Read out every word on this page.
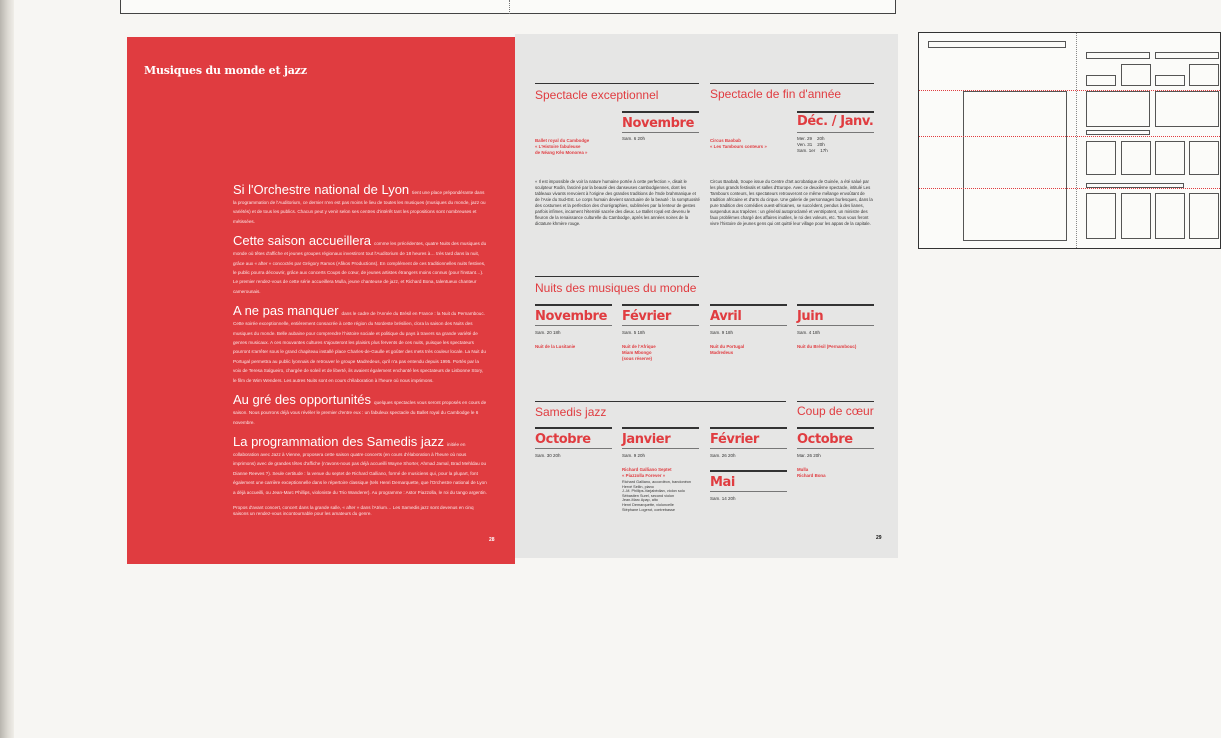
Musiques du monde et jazz
Si l'Orchestre national de Lyon tient une place prépondérante dans la programmation de l'Auditorium, ce dernier n'en est pas moins le lieu de toutes les musiques (musiques du monde, jazz ou variétés) et de tous les publics. Chacun peut y venir selon ses centres d'intérêt tant les propositions sont nombreuses et métissées.
Cette saison accueillera comme les précédentes, quatre Nuits des musiques du monde où têtes d'affiche et jeunes groupes régionaux investiront tout l'Auditorium de 18 heures à… très tard dans la nuit, grâce aux « after » concoctés par Grégory Ramos (Afikos Productions). En complément de ces traditionnelles nuits festives, le public pourra découvrir, grâce aux concerts Coups de cœur, de jeunes artistes étrangers moins connus (pour l'instant…). Le premier rendez-vous de cette série accueillera Mulla, jeune chanteuse de jazz, et Richard Bona, talentueux chanteur camerounais.
A ne pas manquer dans le cadre de l'Année du Brésil en France : la Nuit du Pernambouc. Cette soirée exceptionnelle, entièrement consacrée à cette région du Nordeste brésilien, clora la saison des Nuits des musiques du monde. Belle aubaine pour comprendre l'histoire sociale et politique du pays à travers sa grande variété de genres musicaux. A ces mouvantes cultures s'ajouteront les plaisirs plus fervents de ces nuits, puisque les spectateurs pourront s'arrêter sous le grand chapiteau installé place Charles-de-Gaulle et goûter des mets très couleur locale. La Nuit du Portugal permettra au public lyonnais de retrouver le groupe Madredeus, qu'il n'a pas entendu depuis 1995. Portés par la voix de Teresa Salgueiro, chargée de soleil et de liberté, ils avaient également enchanté les spectateurs de Lisbonne Story, le film de Wim Wenders. Les autres Nuits sont en cours d'élaboration à l'heure où nous imprimons.
Au gré des opportunités quelques spectacles vous seront proposés en cours de saison. Nous pourrons déjà vous révéler le premier d'entre eux : un fabuleux spectacle du Ballet royal du Cambodge le 6 novembre.
La programmation des Samedis jazz initiée en collaboration avec Jazz à Vienne, proposera cette saison quatre concerts (en cours d'élaboration à l'heure où nous imprimons) avec de grandes têtes d'affiche (n'avons-nous pas déjà accueilli Wayne Shorter, Ahmad Jamal, Brad Mehldau ou Dianne Reeves ?). Seule certitude : la venue du septet de Richard Galliano, formé de musiciens qui, pour la plupart, font également une carrière exceptionnelle dans le répertoire classique (tels Henri Demarquette, que l'Orchestre national de Lyon a déjà accueilli, ou Jean-Marc Phillips, violoniste du Trio Wanderer). Au programme : Astor Piazzolla, le roi du tango argentin.
Propos d'avant concert, concert dans la grande salle, « after » dans l'Atrium… Les Samedis jazz sont devenus en cinq saisons un rendez-vous incontournable pour les amateurs du genre.
28
Spectacle exceptionnel	Spectacle de fin d'année
Novembre
Sam. 6 20h
Ballet royal du Cambodge
« L'Histoire fabuleuse
de Néang Kêo Monorea »
Déc. / Janv.
Mer. 29    20h
Ven. 31    20h
Sam. 1er    17h
Circus Baobab
« Les Tambours conteurs »
« Il est impossible de voir la nature humaine portée à cette perfection », disait le sculpteur Rodin, fasciné par la beauté des danseuses cambodgiennes, dont les tableaux vivants renvoient à l'origine des grandes traditions de l'Inde brahmanique et de l'Asie du Sud-Est. Le corps humain devient sanctuaire de la beauté : la somptuosité des costumes et la perfection des chorégraphies, sublimées par la lenteur de gestes parfois infimes, incarnent l'éternité sacrée des dieux. Le Ballet royal est devenu le fleuron de la renaissance culturelle du Cambodge, après les années noires de la dictature khmère rouge.
Circus Baobab, troupe issue du Centre d'art acrobatique de Guinée, a été salué par les plus grands festivals et salles d'Europe. Avec ce deuxième spectacle, intitulé Les Tambours conteurs, les spectateurs retrouveront ce même mélange envoûtant de tradition africaine et d'arts du cirque. Une galerie de personnages burlesques, dans la pure tradition des comédies ouest-africaines, se succèdent, pendus à des lianes, suspendus aux trapèzes : un général autoproclamé et ventripotent, un ministre des faux problèmes chargé des affaires inutiles, le roi des voleurs, etc. Tous vous feront vivre l'histoire de jeunes gens qui ont quitté leur village pour les appas de la capitale.
Nuits des musiques du monde
Novembre
Sam. 20 18h
Nuit de la Lusitanie
Février
Sam. 5 18h
Nuit de l'Afrique
Miam Mbongo
(sous réserve)
Avril
Sam. 9 18h
Nuit du Portugal
Madredeus
Juin
Sam. 4 18h
Nuit du Brésil (Pernambouc)
Samedis jazz	Coup de cœur
Octobre
Sam. 30 20h
Janvier
Sam. 9 20h
Richard Galliano Septet
« Piazzolla Forever »
Richard Galliano, accordéon, bandonéon
Hervé Sellin, piano
J.-M. Phillips-Varjabédian, violon solo
Sébastien Surel, second violon
Jean-Marc Apap, alto
Henri Demarquette, violoncelle
Stéphane Logerot, contrebasse
Février
Sam. 26 20h
Mai
Sam. 14 20h
Octobre
Mar. 26 20h
Mulla
Richard Bona
29
